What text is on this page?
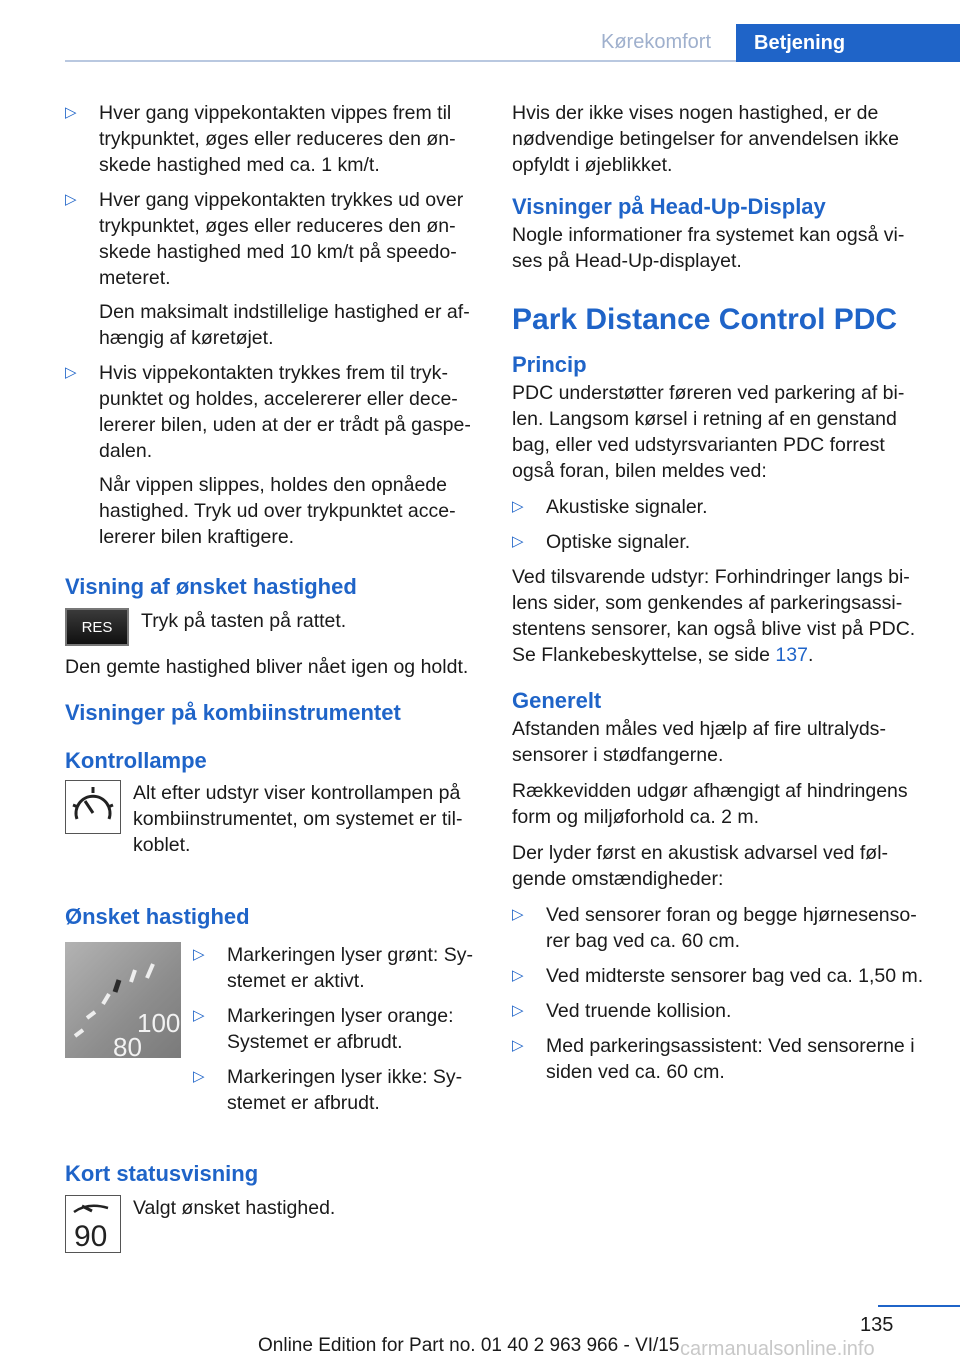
Kørekomfort	Betjening
▷ Hver gang vippekontakten vippes frem til trykpunktet, øges eller reduceres den ønskede hastighed med ca. 1 km/t.
▷ Hver gang vippekontakten trykkes ud over trykpunktet, øges eller reduceres den ønskede hastighed med 10 km/t på speedometeret.
Den maksimalt indstillelige hastighed er afhængig af køretøjet.
▷ Hvis vippekontakten trykkes frem til trykpunktet og holdes, accelererer eller decelererer bilen, uden at der er trådt på gaspedalen.
Når vippen slippes, holdes den opnåede hastighed. Tryk ud over trykpunktet accelererer bilen kraftigere.
Visning af ønsket hastighed
RES Tryk på tasten på rattet.

Den gemte hastighed bliver nået igen og holdt.

Visninger på kombiinstrumentet
Kontrollampe

Alt efter udstyr viser kontrollampen på kombiinstrumentet, om systemet er tilkoblet.

Ønsket hastighed
100
80
▷ Markeringen lyser grønt: Systemet er aktivt.
▷ Markeringen lyser orange: Systemet er afbrudt.
▷ Markeringen lyser ikke: Systemet er afbrudt.
Kort statusvisning
90

Valgt ønsket hastighed.

Hvis der ikke vises nogen hastighed, er de nødvendige betingelser for anvendelsen ikke opfyldt i øjeblikket.

Visninger på Head-Up-Display

Nogle informationer fra systemet kan også vises på Head-Up-displayet.

Park Distance Control PDC
Princip

PDC understøtter føreren ved parkering af bilen. Langsom kørsel i retning af en genstand bag, eller ved udstyrsvarianten PDC forrest også foran, bilen meldes ved:

▷ Akustiske signaler.
▷ Optiske signaler.

Ved tilsvarende udstyr: Forhindringer langs bilens sider, som genkendes af parkeringsassistentens sensorer, kan også blive vist på PDC. Se Flankebeskyttelse, se side 137.

Generelt

Afstanden måles ved hjælp af fire ultralydssensorer i stødfangerne.

Rækkevidden udgør afhængigt af hindringens form og miljøforhold ca. 2 m.

Der lyder først en akustisk advarsel ved følgende omstændigheder:

▷ Ved sensorer foran og begge hjørnesensorer bag ved ca. 60 cm.
▷ Ved midterste sensorer bag ved ca. 1,50 m.
▷ Ved truende kollision.
▷ Med parkeringsassistent: Ved sensorerne i siden ved ca. 60 cm.
135
Online Edition for Part no. 01 40 2 963 966 - VI/15 carmanualsonline.info
